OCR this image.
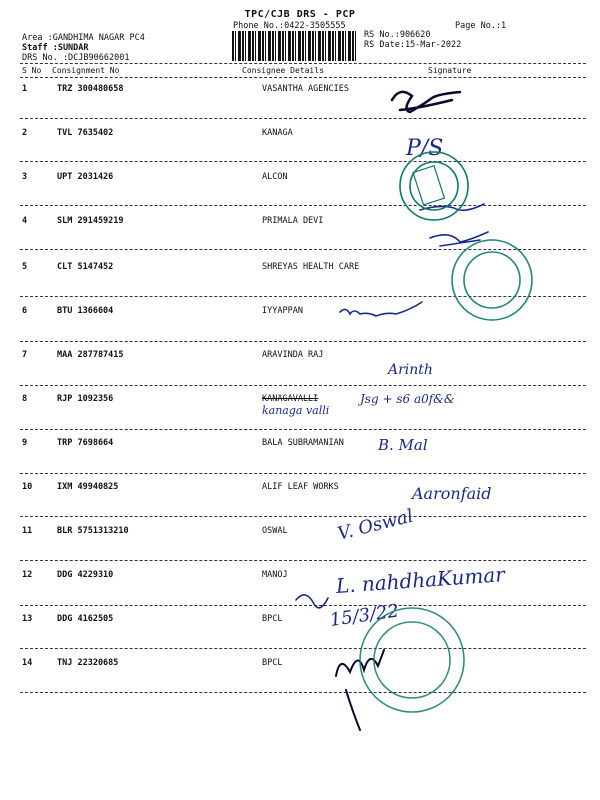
TPC/CJB DRS - PCP
Phone No.:0422-3505555	Page No.:1
RS No.:906620
RS Date:15-Mar-2022
Area :GANDHIMA NAGAR PC4
Staff :SUNDAR
DRS No. :DCJB90662001
S No Consignment No	Consignee Details	Signature
1	TRZ 300480658	VASANTHA AGENCIES
2	TVL 7635402	KANAGA
3	UPT 2031426	ALCON
4	SLM 291459219	PRIMALA DEVI
5	CLT 5147452	SHREYAS HEALTH CARE
6	BTU 1366604	IYYAPPAN
7	MAA 287787415	ARAVINDA RAJ
8	RJP 1092356	KANAGAVALLI
9	TRP 7698664	BALA SUBRAMANIAN
10	IXM 49940825	ALIF LEAF WORKS
11	BLR 5751313210	OSWAL
12	DDG 4229310	MANOJ
13	DDG 4162505	BPCL
14	TNJ 22320685	BPCL
P/S
Arinth
kanaga valli
Jsg + s6 a0f&&
B. Mal
Aaronfaid
V. Oswal
L. nahdhaKumar
15/3/22
